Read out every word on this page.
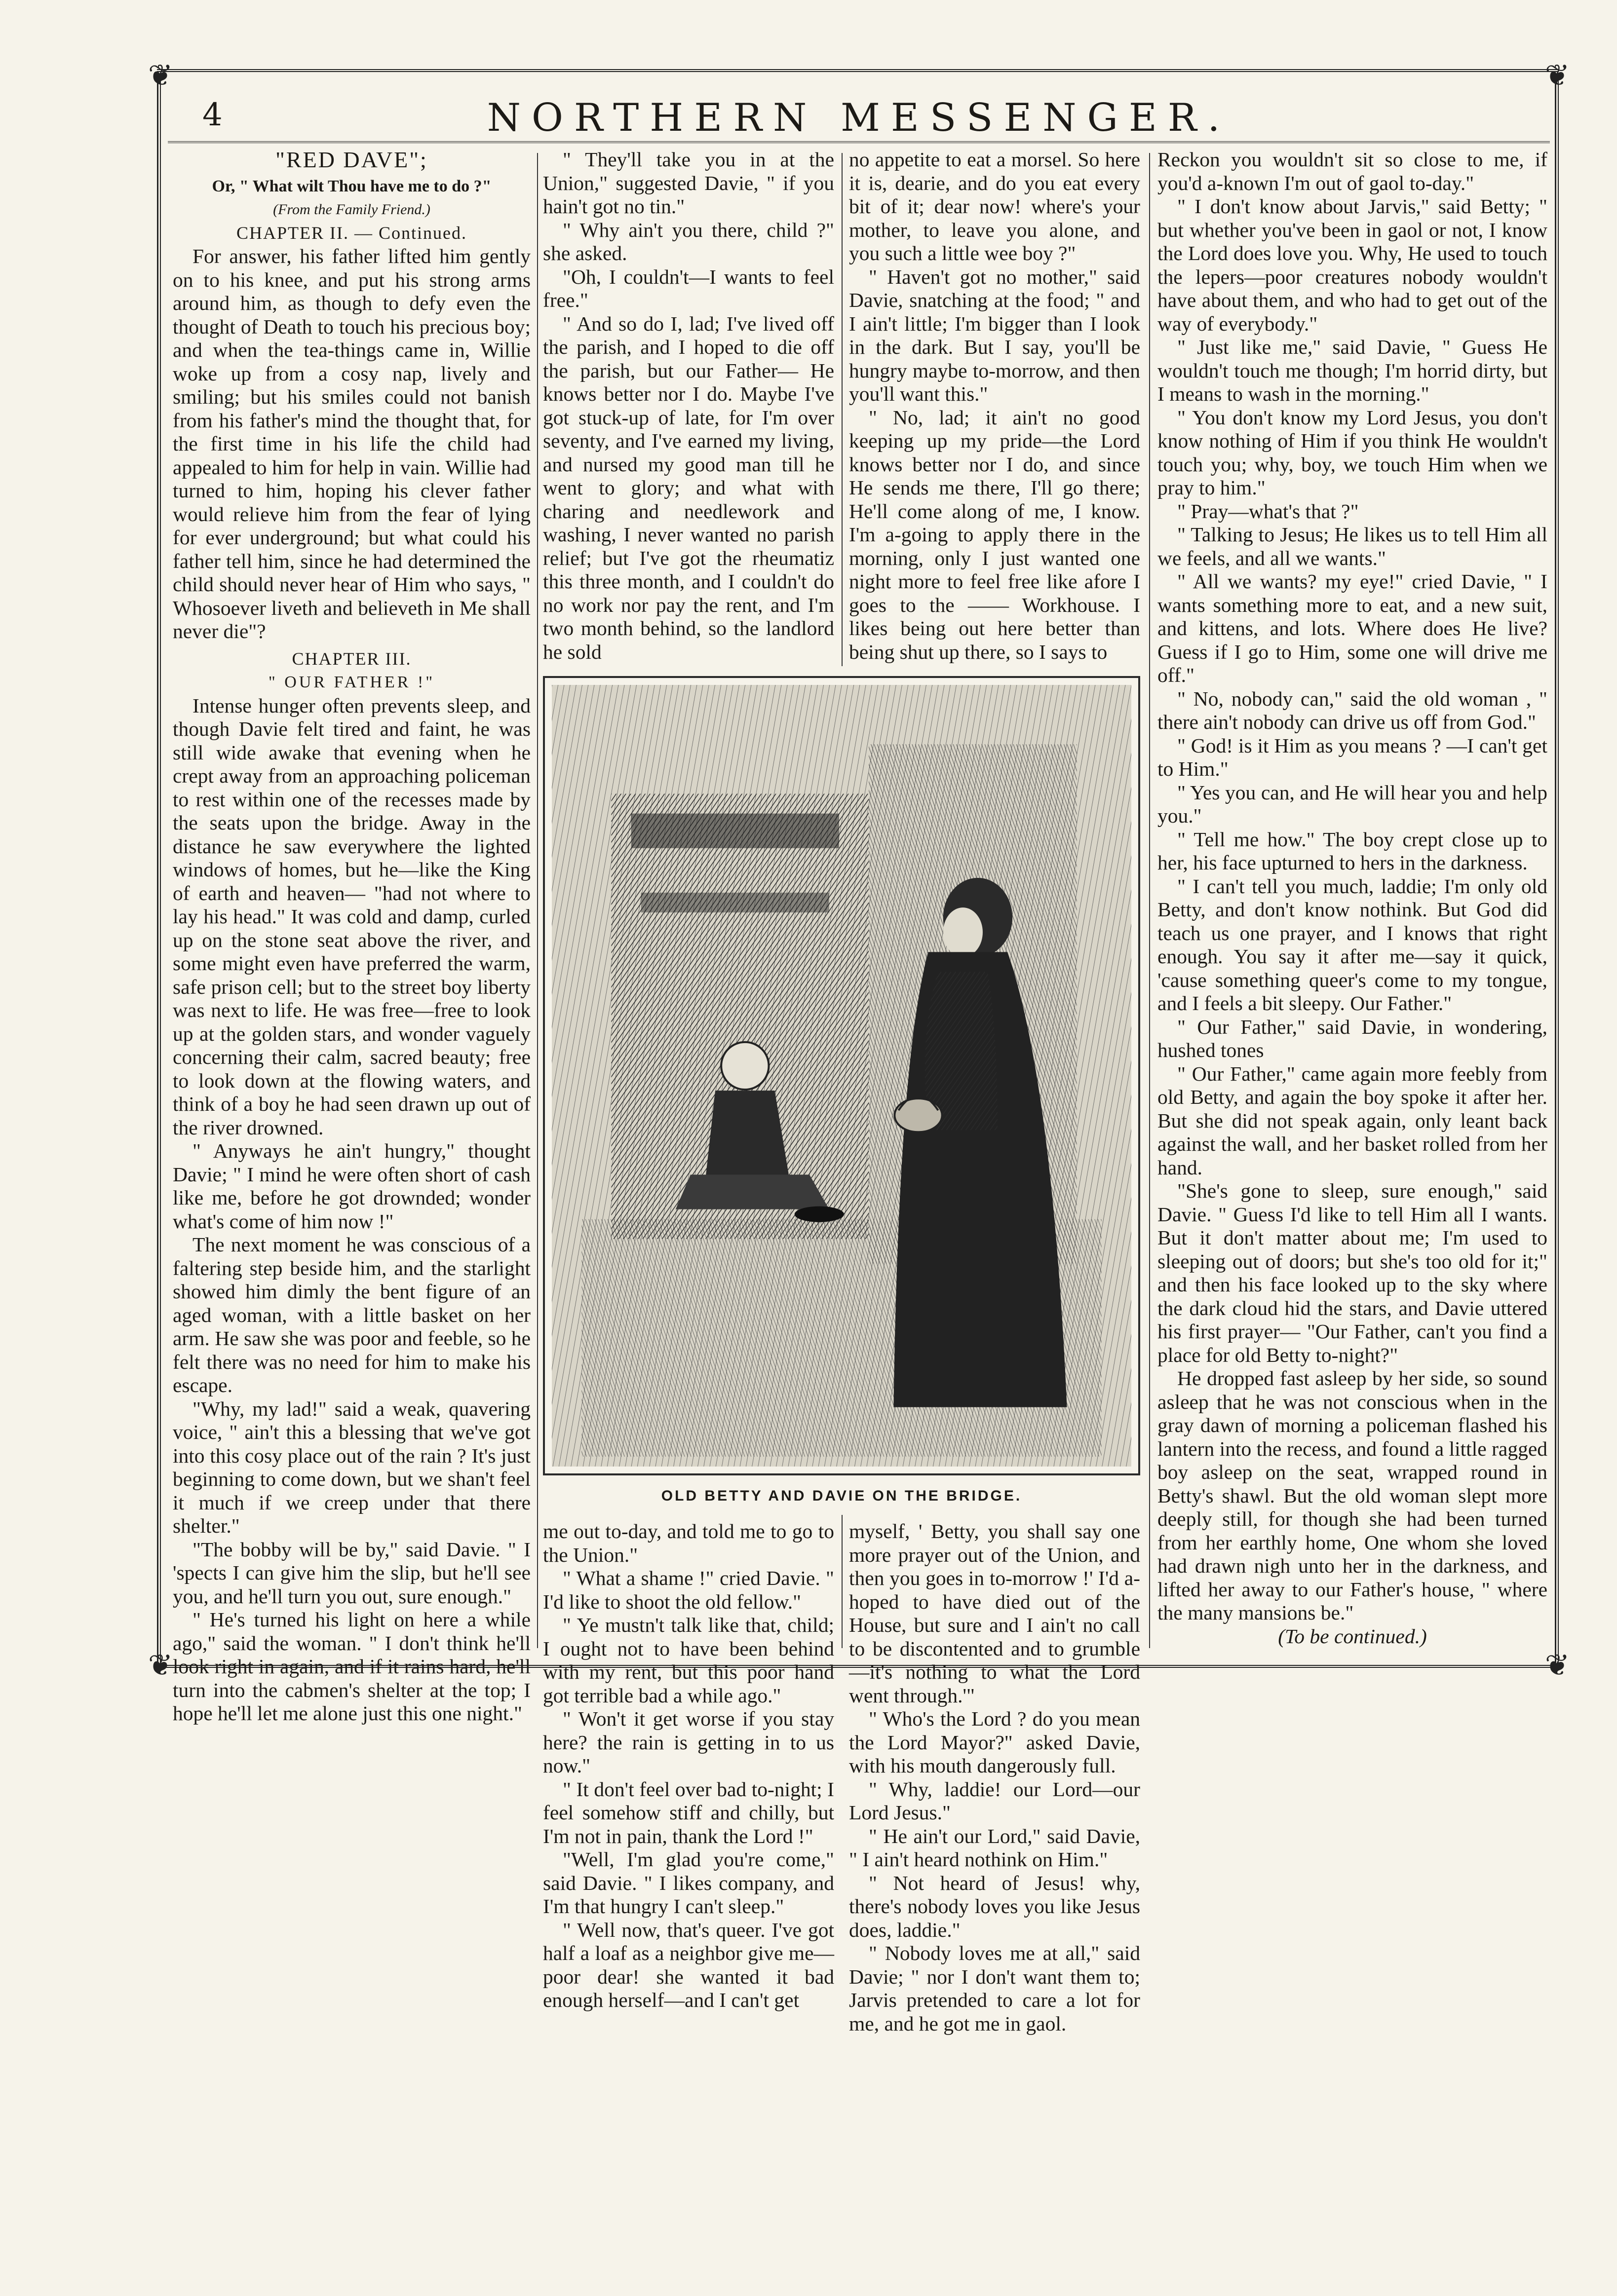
❦	❦
❦	❦
4	NORTHERN MESSENGER.
"RED DAVE";
Or, " What wilt Thou have me to do ?"
(From the Family Friend.)
CHAPTER II. — Continued.

For answer, his father lifted him gently on to his knee, and put his strong arms around him, as though to defy even the thought of Death to touch his precious boy; and when the tea-things came in, Willie woke up from a cosy nap, lively and smiling; but his smiles could not banish from his father's mind the thought that, for the first time in his life the child had appealed to him for help in vain. Willie had turned to him, hoping his clever father would relieve him from the fear of lying for ever underground; but what could his father tell him, since he had determined the child should never hear of Him who says, " Whosoever liveth and believeth in Me shall never die"?

CHAPTER III.
" OUR FATHER !"

Intense hunger often prevents sleep, and though Davie felt tired and faint, he was still wide awake that evening when he crept away from an approaching policeman to rest within one of the recesses made by the seats upon the bridge. Away in the distance he saw everywhere the lighted windows of homes, but he—like the King of earth and heaven— "had not where to lay his head." It was cold and damp, curled up on the stone seat above the river, and some might even have preferred the warm, safe prison cell; but to the street boy liberty was next to life. He was free—free to look up at the golden stars, and wonder vaguely concerning their calm, sacred beauty; free to look down at the flowing waters, and think of a boy he had seen drawn up out of the river drowned.

" Anyways he ain't hungry," thought Davie; " I mind he were often short of cash like me, before he got drownded; wonder what's come of him now !"

The next moment he was conscious of a faltering step beside him, and the starlight showed him dimly the bent figure of an aged woman, with a little basket on her arm. He saw she was poor and feeble, so he felt there was no need for him to make his escape.

"Why, my lad!" said a weak, quavering voice, " ain't this a blessing that we've got into this cosy place out of the rain ? It's just beginning to come down, but we shan't feel it much if we creep under that there shelter."

"The bobby will be by," said Davie. " I 'spects I can give him the slip, but he'll see you, and he'll turn you out, sure enough."

" He's turned his light on here a while ago," said the woman. " I don't think he'll look right in again, and if it rains hard, he'll turn into the cabmen's shelter at the top; I hope he'll let me alone just this one night."

" They'll take you in at the Union," suggested Davie, " if you hain't got no tin."

" Why ain't you there, child ?" she asked.

"Oh, I couldn't—I wants to feel free."

" And so do I, lad; I've lived off the parish, and I hoped to die off the parish, but our Father— He knows better nor I do. Maybe I've got stuck-up of late, for I'm over seventy, and I've earned my living, and nursed my good man till he went to glory; and what with charing and needlework and washing, I never wanted no parish relief; but I've got the rheumatiz this three month, and I couldn't do no work nor pay the rent, and I'm two month behind, so the landlord he sold

no appetite to eat a morsel. So here it is, dearie, and do you eat every bit of it; dear now! where's your mother, to leave you alone, and you such a little wee boy ?"

" Haven't got no mother," said Davie, snatching at the food; " and I ain't little; I'm bigger than I look in the dark. But I say, you'll be hungry maybe to-morrow, and then you'll want this."

" No, lad; it ain't no good keeping up my pride—the Lord knows better nor I do, and since He sends me there, I'll go there; He'll come along of me, I know. I'm a-going to apply there in the morning, only I just wanted one night more to feel free like afore I goes to the —— Workhouse. I likes being out here better than being shut up there, so I says to

OLD BETTY AND DAVIE ON THE BRIDGE.

me out to-day, and told me to go to the Union."

" What a shame !" cried Davie. " I'd like to shoot the old fellow."

" Ye mustn't talk like that, child; I ought not to have been behind with my rent, but this poor hand got terrible bad a while ago."

" Won't it get worse if you stay here? the rain is getting in to us now."

" It don't feel over bad to-night; I feel somehow stiff and chilly, but I'm not in pain, thank the Lord !"

"Well, I'm glad you're come," said Davie. " I likes company, and I'm that hungry I can't sleep."

" Well now, that's queer. I've got half a loaf as a neighbor give me—poor dear! she wanted it bad enough herself—and I can't get

myself, ' Betty, you shall say one more prayer out of the Union, and then you goes in to-morrow !' I'd a-hoped to have died out of the House, but sure and I ain't no call to be discontented and to grumble—it's nothing to what the Lord went through.'"

" Who's the Lord ? do you mean the Lord Mayor?" asked Davie, with his mouth dangerously full.

" Why, laddie! our Lord—our Lord Jesus."

" He ain't our Lord," said Davie, " I ain't heard nothink on Him."

" Not heard of Jesus! why, there's nobody loves you like Jesus does, laddie."

" Nobody loves me at all," said Davie; " nor I don't want them to; Jarvis pretended to care a lot for me, and he got me in gaol.

Reckon you wouldn't sit so close to me, if you'd a-known I'm out of gaol to-day."

" I don't know about Jarvis," said Betty; " but whether you've been in gaol or not, I know the Lord does love you. Why, He used to touch the lepers—poor creatures nobody wouldn't have about them, and who had to get out of the way of everybody."

" Just like me," said Davie, " Guess He wouldn't touch me though; I'm horrid dirty, but I means to wash in the morning."

" You don't know my Lord Jesus, you don't know nothing of Him if you think He wouldn't touch you; why, boy, we touch Him when we pray to him."

" Pray—what's that ?"

" Talking to Jesus; He likes us to tell Him all we feels, and all we wants."

" All we wants? my eye!" cried Davie, " I wants something more to eat, and a new suit, and kittens, and lots. Where does He live? Guess if I go to Him, some one will drive me off."

" No, nobody can," said the old woman , " there ain't nobody can drive us off from God."

" God! is it Him as you means ? —I can't get to Him."

" Yes you can, and He will hear you and help you."

" Tell me how." The boy crept close up to her, his face upturned to hers in the darkness.

" I can't tell you much, laddie; I'm only old Betty, and don't know nothink. But God did teach us one prayer, and I knows that right enough. You say it after me—say it quick, 'cause something queer's come to my tongue, and I feels a bit sleepy. Our Father."

" Our Father," said Davie, in wondering, hushed tones

" Our Father," came again more feebly from old Betty, and again the boy spoke it after her. But she did not speak again, only leant back against the wall, and her basket rolled from her hand.

"She's gone to sleep, sure enough," said Davie. " Guess I'd like to tell Him all I wants. But it don't matter about me; I'm used to sleeping out of doors; but she's too old for it;" and then his face looked up to the sky where the dark cloud hid the stars, and Davie uttered his first prayer— "Our Father, can't you find a place for old Betty to-night?"

He dropped fast asleep by her side, so sound asleep that he was not conscious when in the gray dawn of morning a policeman flashed his lantern into the recess, and found a little ragged boy asleep on the seat, wrapped round in Betty's shawl. But the old woman slept more deeply still, for though she had been turned from her earthly home, One whom she loved had drawn nigh unto her in the darkness, and lifted her away to our Father's house, " where the many mansions be."

(To be continued.)
